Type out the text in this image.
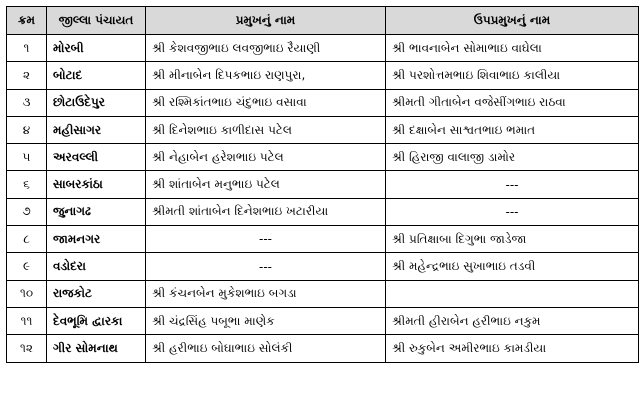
ક્રમ	જીલ્લા પંચાયત	પ્રમુખનું નામ	ઉપપ્રમુખનું નામ
૧	મોરબી	શ્રી કેશવજીભાઇ લવજીભાઇ રૈયાણી	શ્રી ભાવનાબેન સોમાભાઇ વાઘેલા
૨	બોટાદ	શ્રી મીનાબેન દિપકભાઇ રાણપુરા,	શ્રી પરશોત્તમભાઇ શિવાભાઇ કાલીયા
૩	છોટાઉદેપુર	શ્રી રશ્મિકાંતભાઇ ચંદુભાઇ વસાવા	શ્રીમતી ગીતાબેન વજેસીંગભાઇ રાઠવા
૪	મહીસાગર	શ્રી દિનેશભાઇ કાળીદાસ પટેલ	શ્રી દક્ષાબેન સાશ્વતભાઇ ભમાત
૫	અરવલ્લી	શ્રી નેહાબેન હરેશભાઇ પટેલ	શ્રી હિરાજી વાલાજી ડામોર
૬	સાબરકાંઠા	શ્રી શાંતાબેન મનુભાઇ પટેલ	---
૭	જુનાગઢ	શ્રીમતી શાંતાબેન દિનેશભાઇ ખટારીયા	---
૮	જામનગર	---	શ્રી પ્રતિક્ષાબા દિગુભા જાડેજા
૯	વડોદરા	---	શ્રી મહેન્દ્રભાઇ સુખાભાઇ તડવી
૧૦	રાજકોટ	શ્રી કંચનબેન મુકેશભાઇ બગડા	
૧૧	દેવભૂમિ દ્વારકા	શ્રી ચંદ્રસિંહ પબૂભા માણેક	શ્રીમતી હીરાબેન હરીભાઇ નકુમ
૧૨	ગીર સોમનાથ	શ્રી હરીભાઇ બોઘાભાઇ સોલંકી	શ્રી રુકુબેન અમીરભાઇ કામડીયા
